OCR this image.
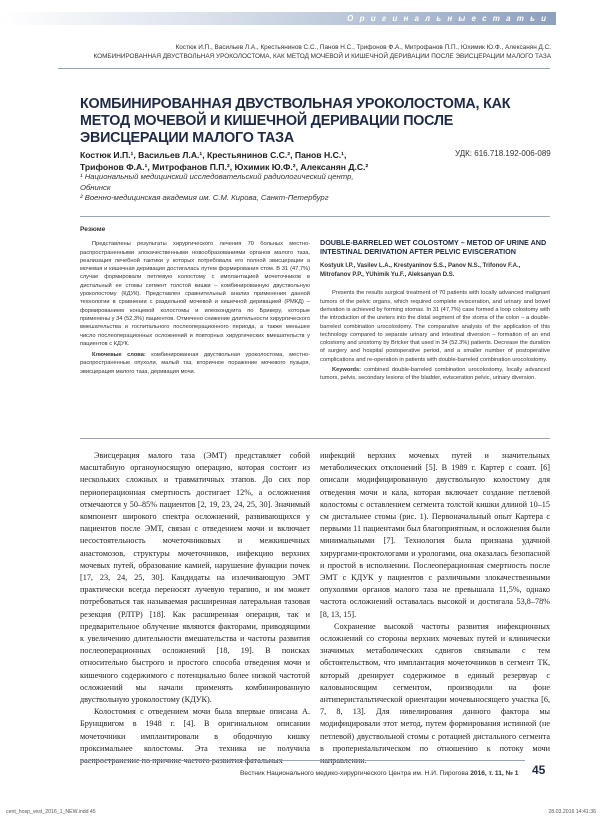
О р и г и н а л ь н ы е с т а т ь и
Костюк И.П., Васильев Л.А., Крестьянинов С.С., Панов Н.С., Трифонов Ф.А., Митрофанов П.П., Юхимик Ю.Ф., Алексанян Д.С.
КОМБИНИРОВАННАЯ ДВУСТВОЛЬНАЯ УРОКОЛОСТОМА, КАК МЕТОД МОЧЕВОЙ И КИШЕЧНОЙ ДЕРИВАЦИИ ПОСЛЕ ЭВИСЦЕРАЦИИ МАЛОГО ТАЗА
КОМБИНИРОВАННАЯ ДВУСТВОЛЬНАЯ УРОКОЛОСТОМА, КАК МЕТОД МОЧЕВОЙ И КИШЕЧНОЙ ДЕРИВАЦИИ ПОСЛЕ ЭВИСЦЕРАЦИИ МАЛОГО ТАЗА
Костюк И.П.¹, Васильев Л.А.¹, Крестьянинов С.С.², Панов Н.С.¹,
Трифонов Ф.А.¹, Митрофанов П.П.², Юхимик Ю.Ф.², Алексанян Д.С.²
УДК: 616.718.192-006-089
¹ Национальный медицинский исследовательский радиологический центр, Обнинск
² Военно-медицинская академия им. С.М. Кирова, Санкт-Петербург
Резюме

Представлены результаты хирургического лечения 70 больных местно-распространенными злокачественными новообразованиями органов малого таза, реализация лечебной тактики у которых потребовала его полной эвисцерации а мочевая и кишечная деривация достигалась путем формирования стом. В 31 (47,7%) случае формировали петлевую колостому с имплантацией мочеточников в дистальный ее стомы сегмент толстой кишки – комбинированную двуствольную уроколостому (КДУК). Представлен сравнительный анализ применения данной технологии в сравнении с раздельной мочевой и кишечной деривацией (РМКД) – формированием концевой колостомы и илеокондуита по Брикеру, которые применены у 34 (52,3%) пациентов. Отмечено снижение длительности хирургического вмешательства и госпитального послеоперационного периода, а также меньшее число послеоперационных осложнений и повторных хирургических вмешательств у пациентов с КДУК.

Ключевые слова: комбинированная двуствольная уроколостома, местно-распространенные опухоли, малый таз, вторичное поражение мочевого пузыря, эвисцерация малого таза, деривация мочи.

DOUBLE-BARRELED WET COLOSTOMY – METOD OF URINE AND INTESTINAL DERIVATION AFTER PELVIC EVISCERATION
Kostyuk I.P., Vasilev L.A., Krestyaninov S.S., Panov N.S., Trifonov F.A., Mitrofanov P.P., YUhimik Yu.F., Aleksanyan D.S.

Presents the results surgical treatment of 70 patients with locally advanced malignant tumors of the pelvic organs, which required complete evisceration, and urinary and bowel derivation is achieved by forming stomas. In 31 (47,7%) case formed a loop colostomy with the introduction of the ureters into the distal segment of the stoma of the colon – a double-barreled combination urocolostomy. The comparative analysis of the application of this technology compared to separate urinary and intestinal diversion – formation of an end colostomy and urostomy by Bricker that used in 34 (52.3%) patients. Decrease the duration of surgery and hospital postoperative period, and a smaller number of postoperative complications and re-operation in patients with double-barreled combination urocolostomy.

Keywords: combined double-barreled combination urocolostomy, locally advanced tumors, pelvis, secondary lesions of the bladder, evisceration pelvic, urinary diversion.

Эвисцерация малого таза (ЭМТ) представляет собой масштабную органоуносящую операцию, которая состоит из нескольких сложных и травматичных этапов. До сих пор периоперационная смертность достигает 12%, а осложнения отмечаются у 50–85% пациентов [2, 19, 23, 24, 25, 30]. Значимый компонент широкого спектра осложнений, развивающихся у пациентов после ЭМТ, связан с отведением мочи и включает несостоятельность мочеточниковых и межкишечных анастомозов, структуры мочеточников, инфекцию верхних мочевых путей, образование камней, нарушение функции почек [17, 23, 24, 25, 30]. Кандидаты на излечивающую ЭМТ практически всегда переносят лучевую терапию, и им может потребоваться так называемая расширенная латеральная тазовая резекция (РЛТР) [18]. Как расширенная операция, так и предварительное облучение являются факторами, приводящими к увеличению длительности вмешательства и частоты развития послеоперационных осложнений [18, 19]. В поисках относительно быстрого и простого способа отведения мочи и кишечного содержимого с потенциально более низкой частотой осложнений мы начали применять комбинированную двуствольную уроколостому (КДУК).

Колостомия с отведением мочи была впервые описана А. Брунщвигом в 1948 г. [4]. В оригинальном описании мочеточники имплантировали в ободочную кишку проксимальнее колостомы. Эта техника не получила распространение по причине частого развития фатальных

инфекций верхних мочевых путей и значительных метаболических отклонений [5]. В 1989 г. Картер с соавт. [6] описали модифицированную двуствольную колостому для отведения мочи и кала, которая включает создание петлевой колостомы с оставлением сегмента толстой кишки длиной 10–15 см дистальнее стомы (рис. 1). Первоначальный опыт Картера с первыми 11 пациентами был благоприятным, и осложнения были минимальными [7]. Технология была признана удачной хирургами-проктологами и урологами, она оказалась безопасной и простой в исполнении. Послеоперационная смертность после ЭМТ с КДУК у пациентов с различными злокачественными опухолями органов малого таза не превышала 11,5%, однако частота осложнений оставалась высокой и достигала 53,8–78% [8, 13, 15].

Сохранение высокой частоты развития инфекционных осложнений со стороны верхних мочевых путей и клинически значимых метаболических сдвигов связывали с тем обстоятельством, что имплантация мочеточников в сегмент ТК, который дренирует содержимое в единый резервуар с каловыносящим сегментом, производили на фоне антиперистальтической ориентации мочевыносящего участка [6, 7, 8, 13]. Для нивелирования данного фактора мы модифицировали этот метод, путем формирования истинной (не петлевой) двуствольной стомы с ротацией дистального сегмента в пропериstальтическом по отношению к потоку мочи направлении.

Вестник Национального медико-хирургического Центра им. Н.И. Пирогова 2016, т. 11, № 1 45
cent_hosp_vest_2016_1_NEW.indd 45	28.03.2016 14:41:36
